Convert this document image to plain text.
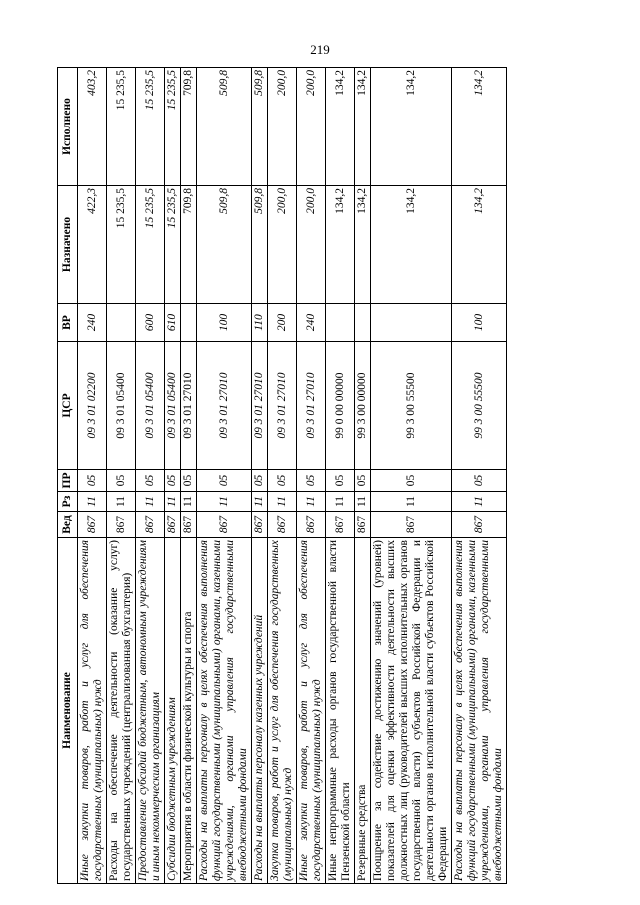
219
Наименование	Вед	Рз	ПР	ЦСР	ВР	Назначено	Исполнено
Иные закупки товаров, работ и услуг для обеспечения государственных (муниципальных) нужд	867	11	05	09 3 01 02200	240	422,3	403,2
Расходы на обеспечение деятельности (оказание услуг) государственных учреждений (централизованная бухгалтерия)	867	11	05	09 3 01 05400		15 235,5	15 235,5
Предоставление субсидий бюджетным, автономным учреждениям и иным некоммерческим организациям	867	11	05	09 3 01 05400	600	15 235,5	15 235,5
Субсидии бюджетным учреждениям	867	11	05	09 3 01 05400	610	15 235,5	15 235,5
Мероприятия в области физической культуры и спорта	867	11	05	09 3 01 27010		709,8	709,8
Расходы на выплаты персоналу в целях обеспечения выполнения функций государственными (муниципальными) органами, казенными учреждениями, органами управления государственными внебюджетными фондами	867	11	05	09 3 01 27010	100	509,8	509,8
Расходы на выплаты персоналу казенных учреждений	867	11	05	09 3 01 27010	110	509,8	509,8
Закупка товаров, работ и услуг для обеспечения государственных (муниципальных) нужд	867	11	05	09 3 01 27010	200	200,0	200,0
Иные закупки товаров, работ и услуг для обеспечения государственных (муниципальных) нужд	867	11	05	09 3 01 27010	240	200,0	200,0
Иные непрограммные расходы органов государственной власти Пензенской области	867	11	05	99 0 00 00000		134,2	134,2
Резервные средства	867	11	05	99 3 00 00000		134,2	134,2
Поощрение за содействие достижению значений (уровней) показателей для оценки эффективности деятельности высших должностных лиц (руководителей высших исполнительных органов государственной власти) субъектов Российской Федерации и деятельности органов исполнительной власти субъектов Российской Федерации	867	11	05	99 3 00 55500		134,2	134,2
Расходы на выплаты персоналу в целях обеспечения выполнения функций государственными (муниципальными) органами, казенными учреждениями, органами управления государственными внебюджетными фондами	867	11	05	99 3 00 55500	100	134,2	134,2
